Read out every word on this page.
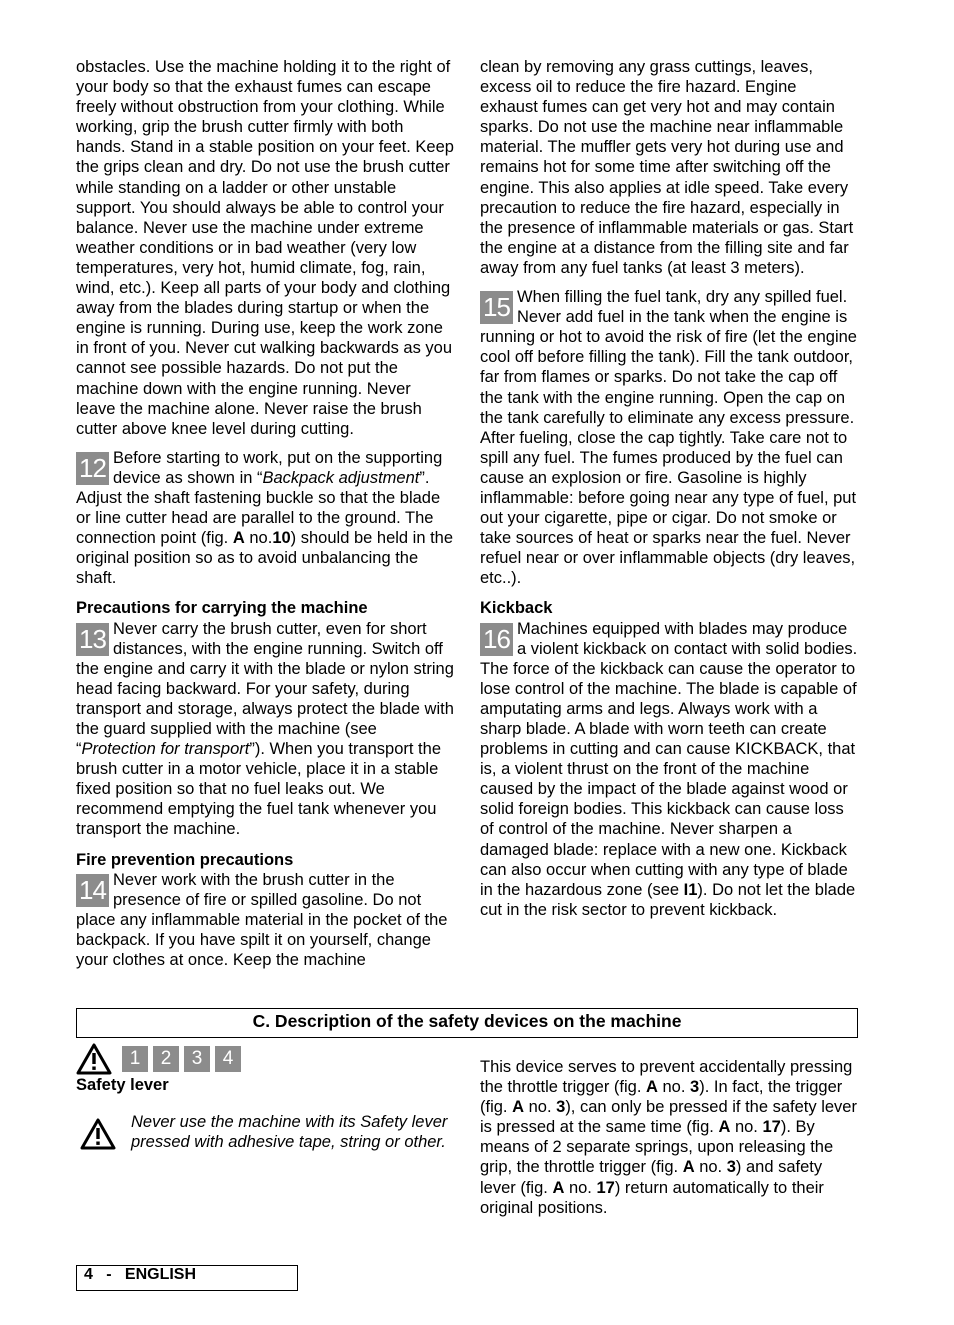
obstacles. Use the machine holding it to the right of your body so that the exhaust fumes can escape freely without obstruction from your clothing. While working, grip the brush cutter firmly with both hands. Stand in a stable position on your feet. Keep the grips clean and dry. Do not use the brush cutter while standing on a ladder or other unstable support. You should always be able to control your balance. Never use the machine under extreme weather conditions or in bad weather (very low temperatures, very hot, humid climate, fog, rain, wind, etc.). Keep all parts of your body and clothing away from the blades during startup or when the engine is running. During use, keep the work zone in front of you. Never cut walking backwards as you cannot see possible hazards. Do not put the machine down with the engine running. Never leave the machine alone. Never raise the brush cutter above knee level during cutting.

12 Before starting to work, put on the supporting device as shown in “Backpack adjustment”. Adjust the shaft fastening buckle so that the blade or line cutter head are parallel to the ground. The connection point (fig. A no.10) should be held in the original position so as to avoid unbalancing the shaft.

Precautions for carrying the machine

13 Never carry the brush cutter, even for short distances, with the engine running. Switch off the engine and carry it with the blade or nylon string head facing backward. For your safety, during transport and storage, always protect the blade with the guard supplied with the machine (see “Protection for transport”). When you transport the brush cutter in a motor vehicle, place it in a stable fixed position so that no fuel leaks out. We recommend emptying the fuel tank whenever you transport the machine.

Fire prevention precautions

14 Never work with the brush cutter in the presence of fire or spilled gasoline. Do not place any inflammable material in the pocket of the backpack. If you have spilt it on yourself, change your clothes at once. Keep the machine

clean by removing any grass cuttings, leaves, excess oil to reduce the fire hazard. Engine exhaust fumes can get very hot and may contain sparks. Do not use the machine near inflammable material. The muffler gets very hot during use and remains hot for some time after switching off the engine. This also applies at idle speed. Take every precaution to reduce the fire hazard, especially in the presence of inflammable materials or gas. Start the engine at a distance from the filling site and far away from any fuel tanks (at least 3 meters).

15 When filling the fuel tank, dry any spilled fuel. Never add fuel in the tank when the engine is running or hot to avoid the risk of fire (let the engine cool off before filling the tank). Fill the tank outdoor, far from flames or sparks. Do not take the cap off the tank with the engine running. Open the cap on the tank carefully to eliminate any excess pressure. After fueling, close the cap tightly. Take care not to spill any fuel. The fumes produced by the fuel can cause an explosion or fire. Gasoline is highly inflammable: before going near any type of fuel, put out your cigarette, pipe or cigar. Do not smoke or take sources of heat or sparks near the fuel. Never refuel near or over inflammable objects (dry leaves, etc..).

Kickback

16 Machines equipped with blades may produce a violent kickback on contact with solid bodies. The force of the kickback can cause the operator to lose control of the machine. The blade is capable of amputating arms and legs. Always work with a sharp blade. A blade with worn teeth can create problems in cutting and can cause KICKBACK, that is, a violent thrust on the front of the machine caused by the impact of the blade against wood or solid foreign bodies. This kickback can cause loss of control of the machine. Never sharpen a damaged blade: replace with a new one. Kickback can also occur when cutting with any type of blade in the hazardous zone (see I1). Do not let the blade cut in the risk sector to prevent kickback.

C. Description of the safety devices on the machine
1	2	3	4
Safety lever
Never use the machine with its Safety lever pressed with adhesive tape, string or other.
This device serves to prevent accidentally pressing the throttle trigger (fig. A no. 3). In fact, the trigger (fig. A no. 3), can only be pressed if the safety lever is pressed at the same time (fig. A no. 17). By means of 2 separate springs, upon releasing the grip, the throttle trigger (fig. A no. 3) and safety lever (fig. A no. 17) return automatically to their original positions.
4   -   ENGLISH
